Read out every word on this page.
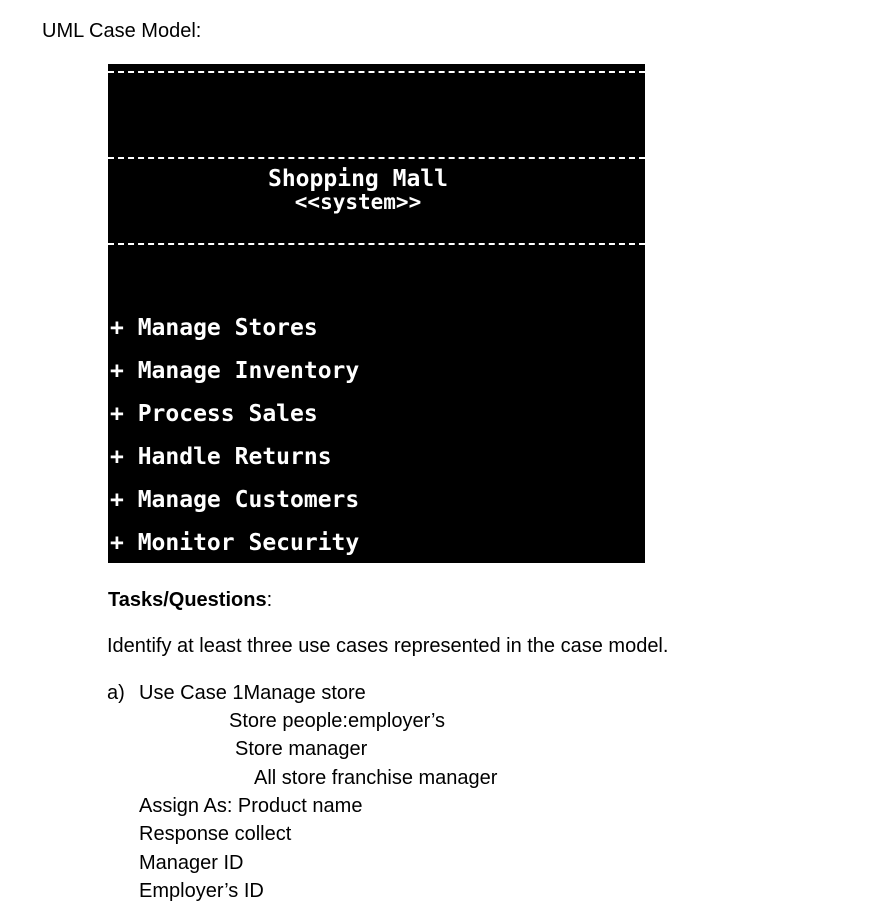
UML Case Model:
Shopping Mall
<<system>>
+ Manage Stores
+ Manage Inventory
+ Process Sales
+ Handle Returns
+ Manage Customers
+ Monitor Security
Tasks/Questions:
Identify at least three use cases represented in the case model.
a) Use Case 1Manage store
Store people:employer’s
Store manager
All store franchise manager
Assign As: Product name
Response collect
Manager ID
Employer’s ID
